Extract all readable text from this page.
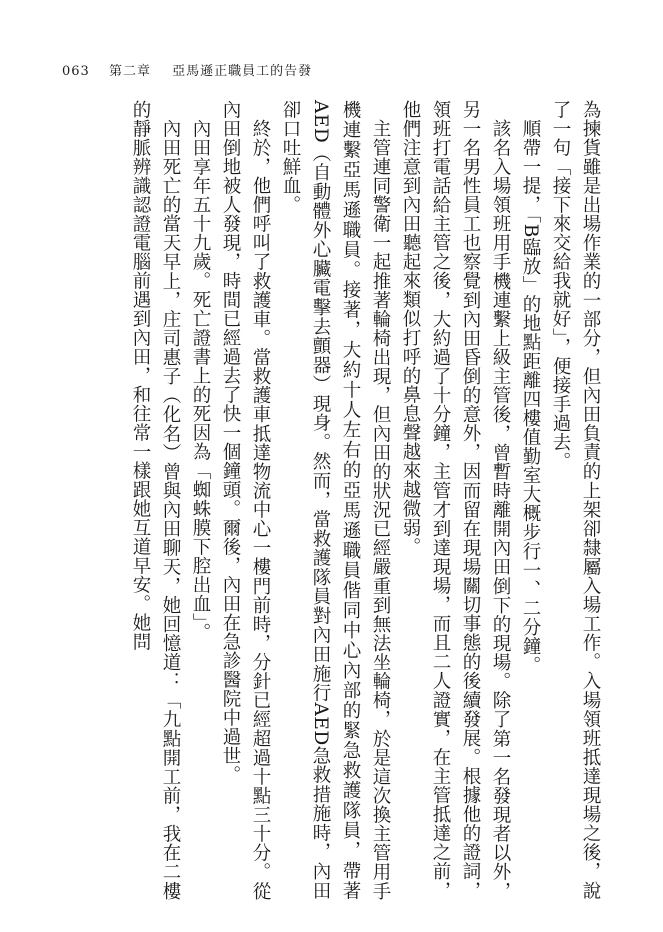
063 第二章 亞馬遜正職員工的告發

為揀貨雖是出場作業的一部分，但內田負責的上架卻隸屬入場工作。入場領班抵達現場之後，說了一句「接下來交給我就好」，便接手過去。

順帶一提，「B臨放」的地點距離四樓值勤室大概步行一、二分鐘。

該名入場領班用手機連繫上級主管後，曾暫時離開內田倒下的現場。除了第一名發現者以外，另一名男性員工也察覺到內田昏倒的意外，因而留在現場關切事態的後續發展。根據他的證詞，領班打電話給主管之後，大約過了十分鐘，主管才到達現場，而且二人證實，在主管抵達之前，他們注意到內田聽起來類似打呼的鼻息聲越來越微弱。

主管連同警衛一起推著輪椅出現，但內田的狀況已經嚴重到無法坐輪椅，於是這次換主管用手機連繫亞馬遜職員。接著，大約十人左右的亞馬遜職員偕同中心內部的緊急救護隊員，帶著AED（自動體外心臟電擊去顫器）現身。然而，當救護隊員對內田施行AED急救措施時，內田卻口吐鮮血。

終於，他們呼叫了救護車。當救護車抵達物流中心一樓門前時，分針已經超過十點三十分。從內田倒地被人發現，時間已經過去了快一個鐘頭。爾後，內田在急診醫院中過世。

內田享年五十九歲。死亡證書上的死因為「蜘蛛膜下腔出血」。

內田死亡的當天早上，庄司惠子（化名）曾與內田聊天，她回憶道：「九點開工前，我在二樓的靜脈辨識認證電腦前遇到內田，和往常一樣跟她互道早安。她問
